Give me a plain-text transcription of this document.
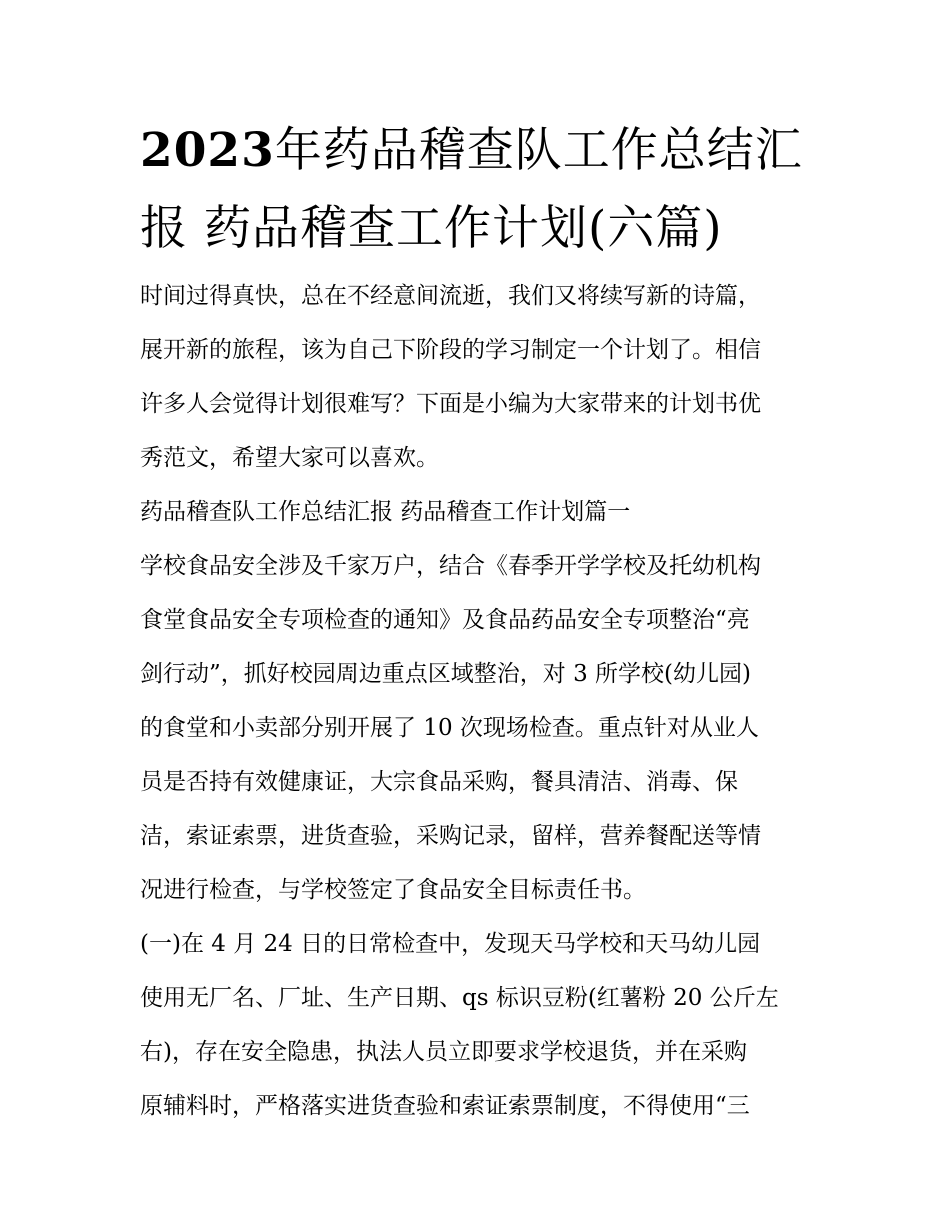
2023年药品稽查队工作总结汇
报 药品稽查工作计划(六篇)
时间过得真快，总在不经意间流逝，我们又将续写新的诗篇，
展开新的旅程，该为自己下阶段的学习制定一个计划了。相信
许多人会觉得计划很难写？下面是小编为大家带来的计划书优
秀范文，希望大家可以喜欢。
药品稽查队工作总结汇报 药品稽查工作计划篇一
学校食品安全涉及千家万户，结合《春季开学学校及托幼机构
食堂食品安全专项检查的通知》及食品药品安全专项整治“亮
剑行动”，抓好校园周边重点区域整治，对 3 所学校(幼儿园)
的食堂和小卖部分别开展了 10 次现场检查。重点针对从业人
员是否持有效健康证，大宗食品采购，餐具清洁、消毒、保
洁，索证索票，进货查验，采购记录，留样，营养餐配送等情
况进行检查，与学校签定了食品安全目标责任书。
(一)在 4 月 24 日的日常检查中，发现天马学校和天马幼儿园
使用无厂名、厂址、生产日期、qs 标识豆粉(红薯粉 20 公斤左
右)，存在安全隐患，执法人员立即要求学校退货，并在采购
原辅料时，严格落实进货查验和索证索票制度，不得使用“三
